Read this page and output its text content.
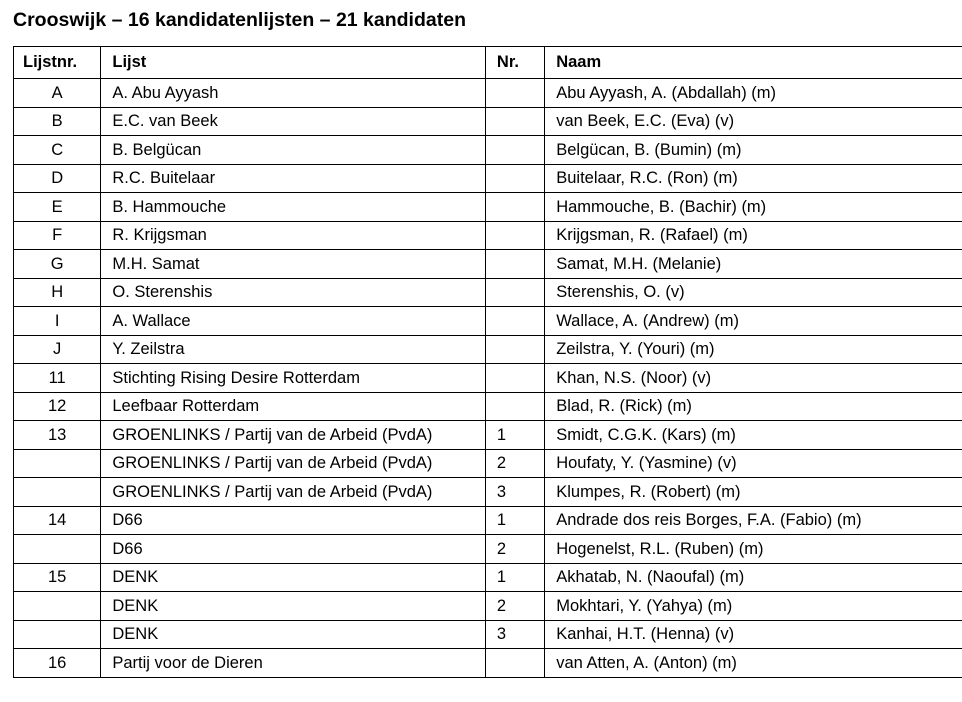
Crooswijk – 16 kandidatenlijsten – 21 kandidaten
Lijstnr.	Lijst	Nr.	Naam
A	A. Abu Ayyash		Abu Ayyash, A. (Abdallah) (m)
B	E.C. van Beek		van Beek, E.C. (Eva) (v)
C	B. Belgücan		Belgücan, B. (Bumin) (m)
D	R.C. Buitelaar		Buitelaar, R.C. (Ron) (m)
E	B. Hammouche		Hammouche, B. (Bachir) (m)
F	R. Krijgsman		Krijgsman, R. (Rafael) (m)
G	M.H. Samat		Samat, M.H. (Melanie)
H	O. Sterenshis		Sterenshis, O. (v)
I	A. Wallace		Wallace, A. (Andrew) (m)
J	Y. Zeilstra		Zeilstra, Y. (Youri) (m)
11	Stichting Rising Desire Rotterdam		Khan, N.S. (Noor) (v)
12	Leefbaar Rotterdam		Blad, R. (Rick) (m)
13	GROENLINKS / Partij van de Arbeid (PvdA)	1	Smidt, C.G.K. (Kars) (m)
	GROENLINKS / Partij van de Arbeid (PvdA)	2	Houfaty, Y. (Yasmine) (v)
	GROENLINKS / Partij van de Arbeid (PvdA)	3	Klumpes, R. (Robert) (m)
14	D66	1	Andrade dos reis Borges, F.A. (Fabio) (m)
	D66	2	Hogenelst, R.L. (Ruben) (m)
15	DENK	1	Akhatab, N. (Naoufal) (m)
	DENK	2	Mokhtari, Y. (Yahya) (m)
	DENK	3	Kanhai, H.T. (Henna) (v)
16	Partij voor de Dieren		van Atten, A. (Anton) (m)
